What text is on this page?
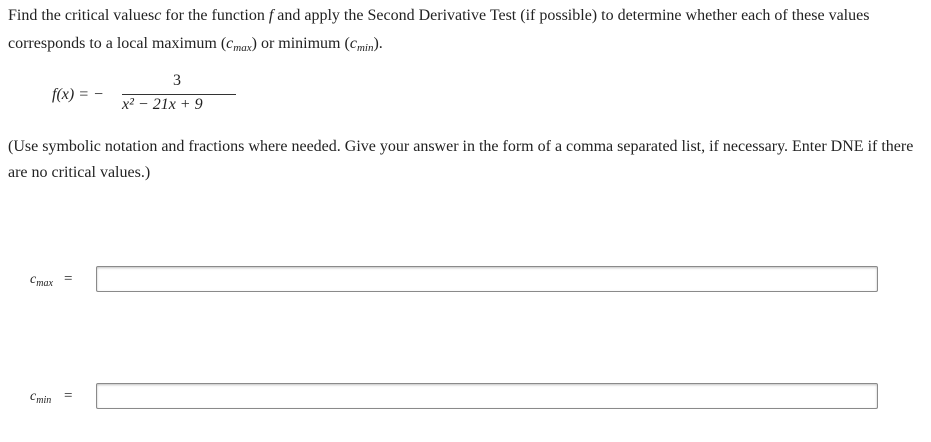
Find the critical valuesc for the function f and apply the Second Derivative Test (if possible) to determine whether each of these values corresponds to a local maximum $(c_{max})$ or minimum $(c_{min})$.
f(x) = −
3
x² − 21x + 9
(Use symbolic notation and fractions where needed. Give your answer in the form of a comma separated list, if necessary. Enter DNE if there are no critical values.)
$c_{max}$ =
$c_{min}$ =
